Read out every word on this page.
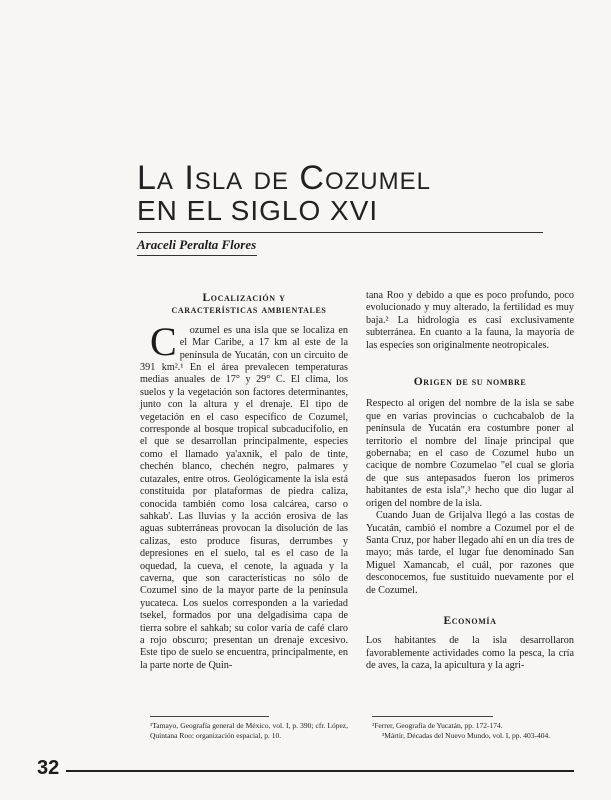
La Isla de Cozumel
EN EL SIGLO XVI
Araceli Peralta Flores

Localización y

características ambientales

C ozumel es una isla que se localiza en el Mar Caribe, a 17 km al este de la península de Yucatán, con un circuito de 391 km².¹ En el área prevalecen temperaturas medias anuales de 17° y 29° C. El clima, los suelos y la vegetación son factores determinantes, junto con la altura y el drenaje. El tipo de vegetación en el caso específico de Cozumel, corresponde al bosque tropical subcaducifolio, en el que se desarrollan principalmente, especies como el llamado ya'axnik, el palo de tinte, chechén blanco, chechén negro, palmares y cutazales, entre otros. Geológicamente la isla está constituida por plataformas de piedra caliza, conocida también como losa calcárea, carso o sahkab'. Las lluvias y la acción erosiva de las aguas subterráneas provocan la disolución de las calizas, esto produce fisuras, derrumbes y depresiones en el suelo, tal es el caso de la oquedad, la cueva, el cenote, la aguada y la caverna, que son características no sólo de Cozumel sino de la mayor parte de la península yucateca. Los suelos corresponden a la variedad tsekel, formados por una delgadísima capa de tierra sobre el sahkab; su color varía de café claro a rojo obscuro; presentan un drenaje excesivo. Este tipo de suelo se encuentra, principalmente, en la parte norte de Quin-

¹Tamayo, Geografía general de México, vol. I, p. 390; cfr. López, Quintana Roo: organización espacial, p. 10.

tana Roo y debido a que es poco profundo, poco evolucionado y muy alterado, la fertilidad es muy baja.² La hidrología es casi exclusivamente subterránea. En cuanto a la fauna, la mayoría de las especies son originalmente neotropicales.

Origen de su nombre

Respecto al origen del nombre de la isla se sabe que en varias provincias o cuchcabalob de la península de Yucatán era costumbre poner al territorio el nombre del linaje principal que gobernaba; en el caso de Cozumel hubo un cacique de nombre Cozumelao "el cual se gloria de que sus antepasados fueron los primeros habitantes de esta isla",³ hecho que dio lugar al origen del nombre de la isla.

Cuando Juan de Grijalva llegó a las costas de Yucatán, cambió el nombre a Cozumel por el de Santa Cruz, por haber llegado ahí en un día tres de mayo; más tarde, el lugar fue denominado San Miguel Xamancab, el cuál, por razones que desconocemos, fue sustituido nuevamente por el de Cozumel.

Economía

Los habitantes de la isla desarrollaron favorablemente actividades como la pesca, la cría de aves, la caza, la apicultura y la agri-

²Ferrer, Geografía de Yucatán, pp. 172-174.

³Mártir, Décadas del Nuevo Mundo, vol. I, pp. 403-404.

32
